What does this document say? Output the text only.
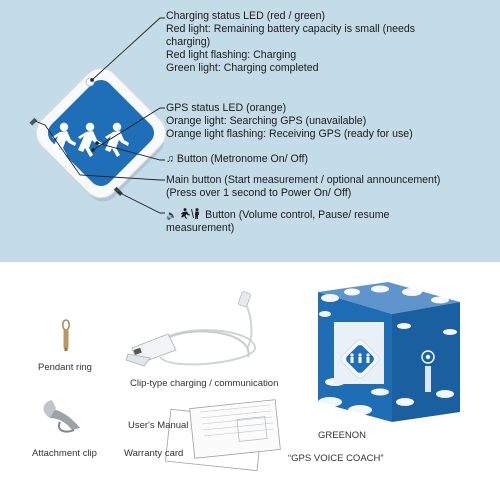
Charging status LED (red / green)
Red light: Remaining battery capacity is small (needs
charging)
Red light flashing: Charging
Green light: Charging completed
GPS status LED (orange)
Orange light: Searching GPS (unavailable)
Orange light flashing: Receiving GPS (ready for use)
♫ Button (Metronome On/ Off)
Main button (Start measurement / optional announcement)
(Press over 1 second to Power On/ Off)
🔈	Button (Volume control, Pause/ resume
measurement)
Pendant ring
Clip-type charging / communication
Attachment clip
User's Manual
Warranty card
GREENON
“GPS VOICE COACH”
